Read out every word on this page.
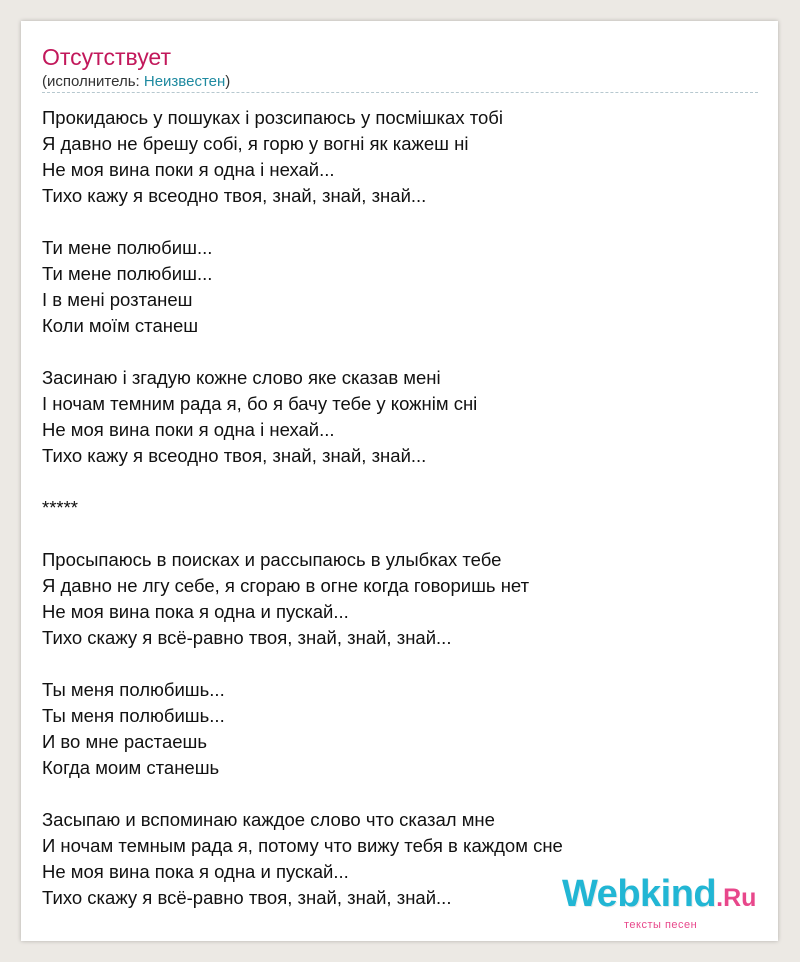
Отсутствует
(исполнитель: Неизвестен)
Прокидаюсь у пошуках і розсипаюсь у посмішках тобі
Я давно не брешу собі, я горю у вогні як кажеш ні
Не моя вина поки я одна і нехай...
Тихо кажу я всеодно твоя, знай, знай, знай...
Ти мене полюбиш...
Ти мене полюбиш...
І в мені розтанеш
Коли моїм станеш
Засинаю і згадую кожне слово яке сказав мені
І ночам темним рада я, бо я бачу тебе у кожнім сні
Не моя вина поки я одна і нехай...
Тихо кажу я всеодно твоя, знай, знай, знай...
*****
Просыпаюсь в поисках и рассыпаюсь в улыбках тебе
Я давно не лгу себе, я сгораю в огне когда говоришь нет
Не моя вина пока я одна и пускай...
Тихо скажу я всё-равно твоя, знай, знай, знай...
Ты меня полюбишь...
Ты меня полюбишь...
И во мне растаешь
Когда моим станешь
Засыпаю и вспоминаю каждое слово что сказал мне
И ночам темным рада я, потому что вижу тебя в каждом сне
Не моя вина пока я одна и пускай...
Тихо скажу я всё-равно твоя, знай, знай, знай...	Webkind.Ru
тексты песен
